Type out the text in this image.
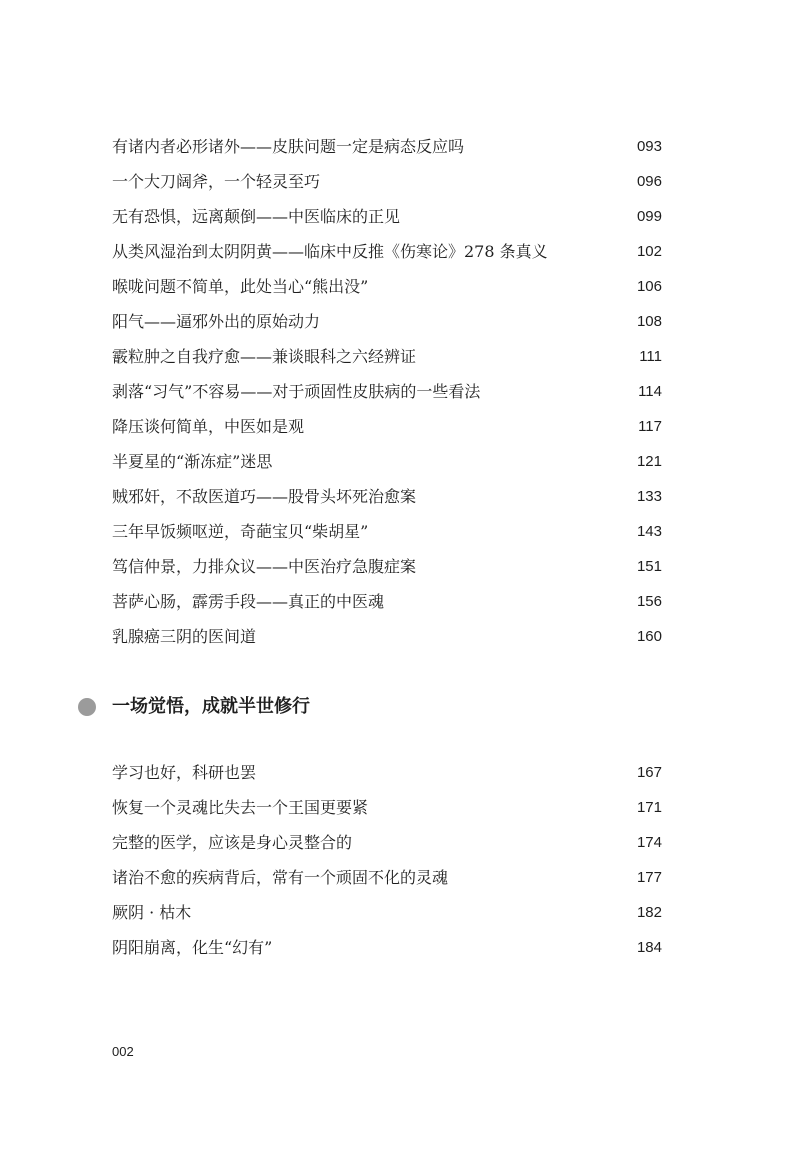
有诸内者必形诸外——皮肤问题一定是病态反应吗	093
一个大刀阔斧，一个轻灵至巧	096
无有恐惧，远离颠倒——中医临床的正见	099
从类风湿治到太阴阴黄——临床中反推《伤寒论》278 条真义	102
喉咙问题不简单，此处当心“熊出没”	106
阳气——逼邪外出的原始动力	108
霰粒肿之自我疗愈——兼谈眼科之六经辨证	111
剥落“习气”不容易——对于顽固性皮肤病的一些看法	114
降压谈何简单，中医如是观	117
半夏星的“渐冻症”迷思	121
贼邪奸，不敌医道巧——股骨头坏死治愈案	133
三年早饭频呕逆，奇葩宝贝“柴胡星”	143
笃信仲景，力排众议——中医治疗急腹症案	151
菩萨心肠，霹雳手段——真正的中医魂	156
乳腺癌三阴的医间道	160
一场觉悟，成就半世修行
学习也好，科研也罢	167
恢复一个灵魂比失去一个王国更要紧	171
完整的医学，应该是身心灵整合的	174
诸治不愈的疾病背后，常有一个顽固不化的灵魂	177
厥阴 · 枯木	182
阴阳崩离，化生“幻有”	184
002
